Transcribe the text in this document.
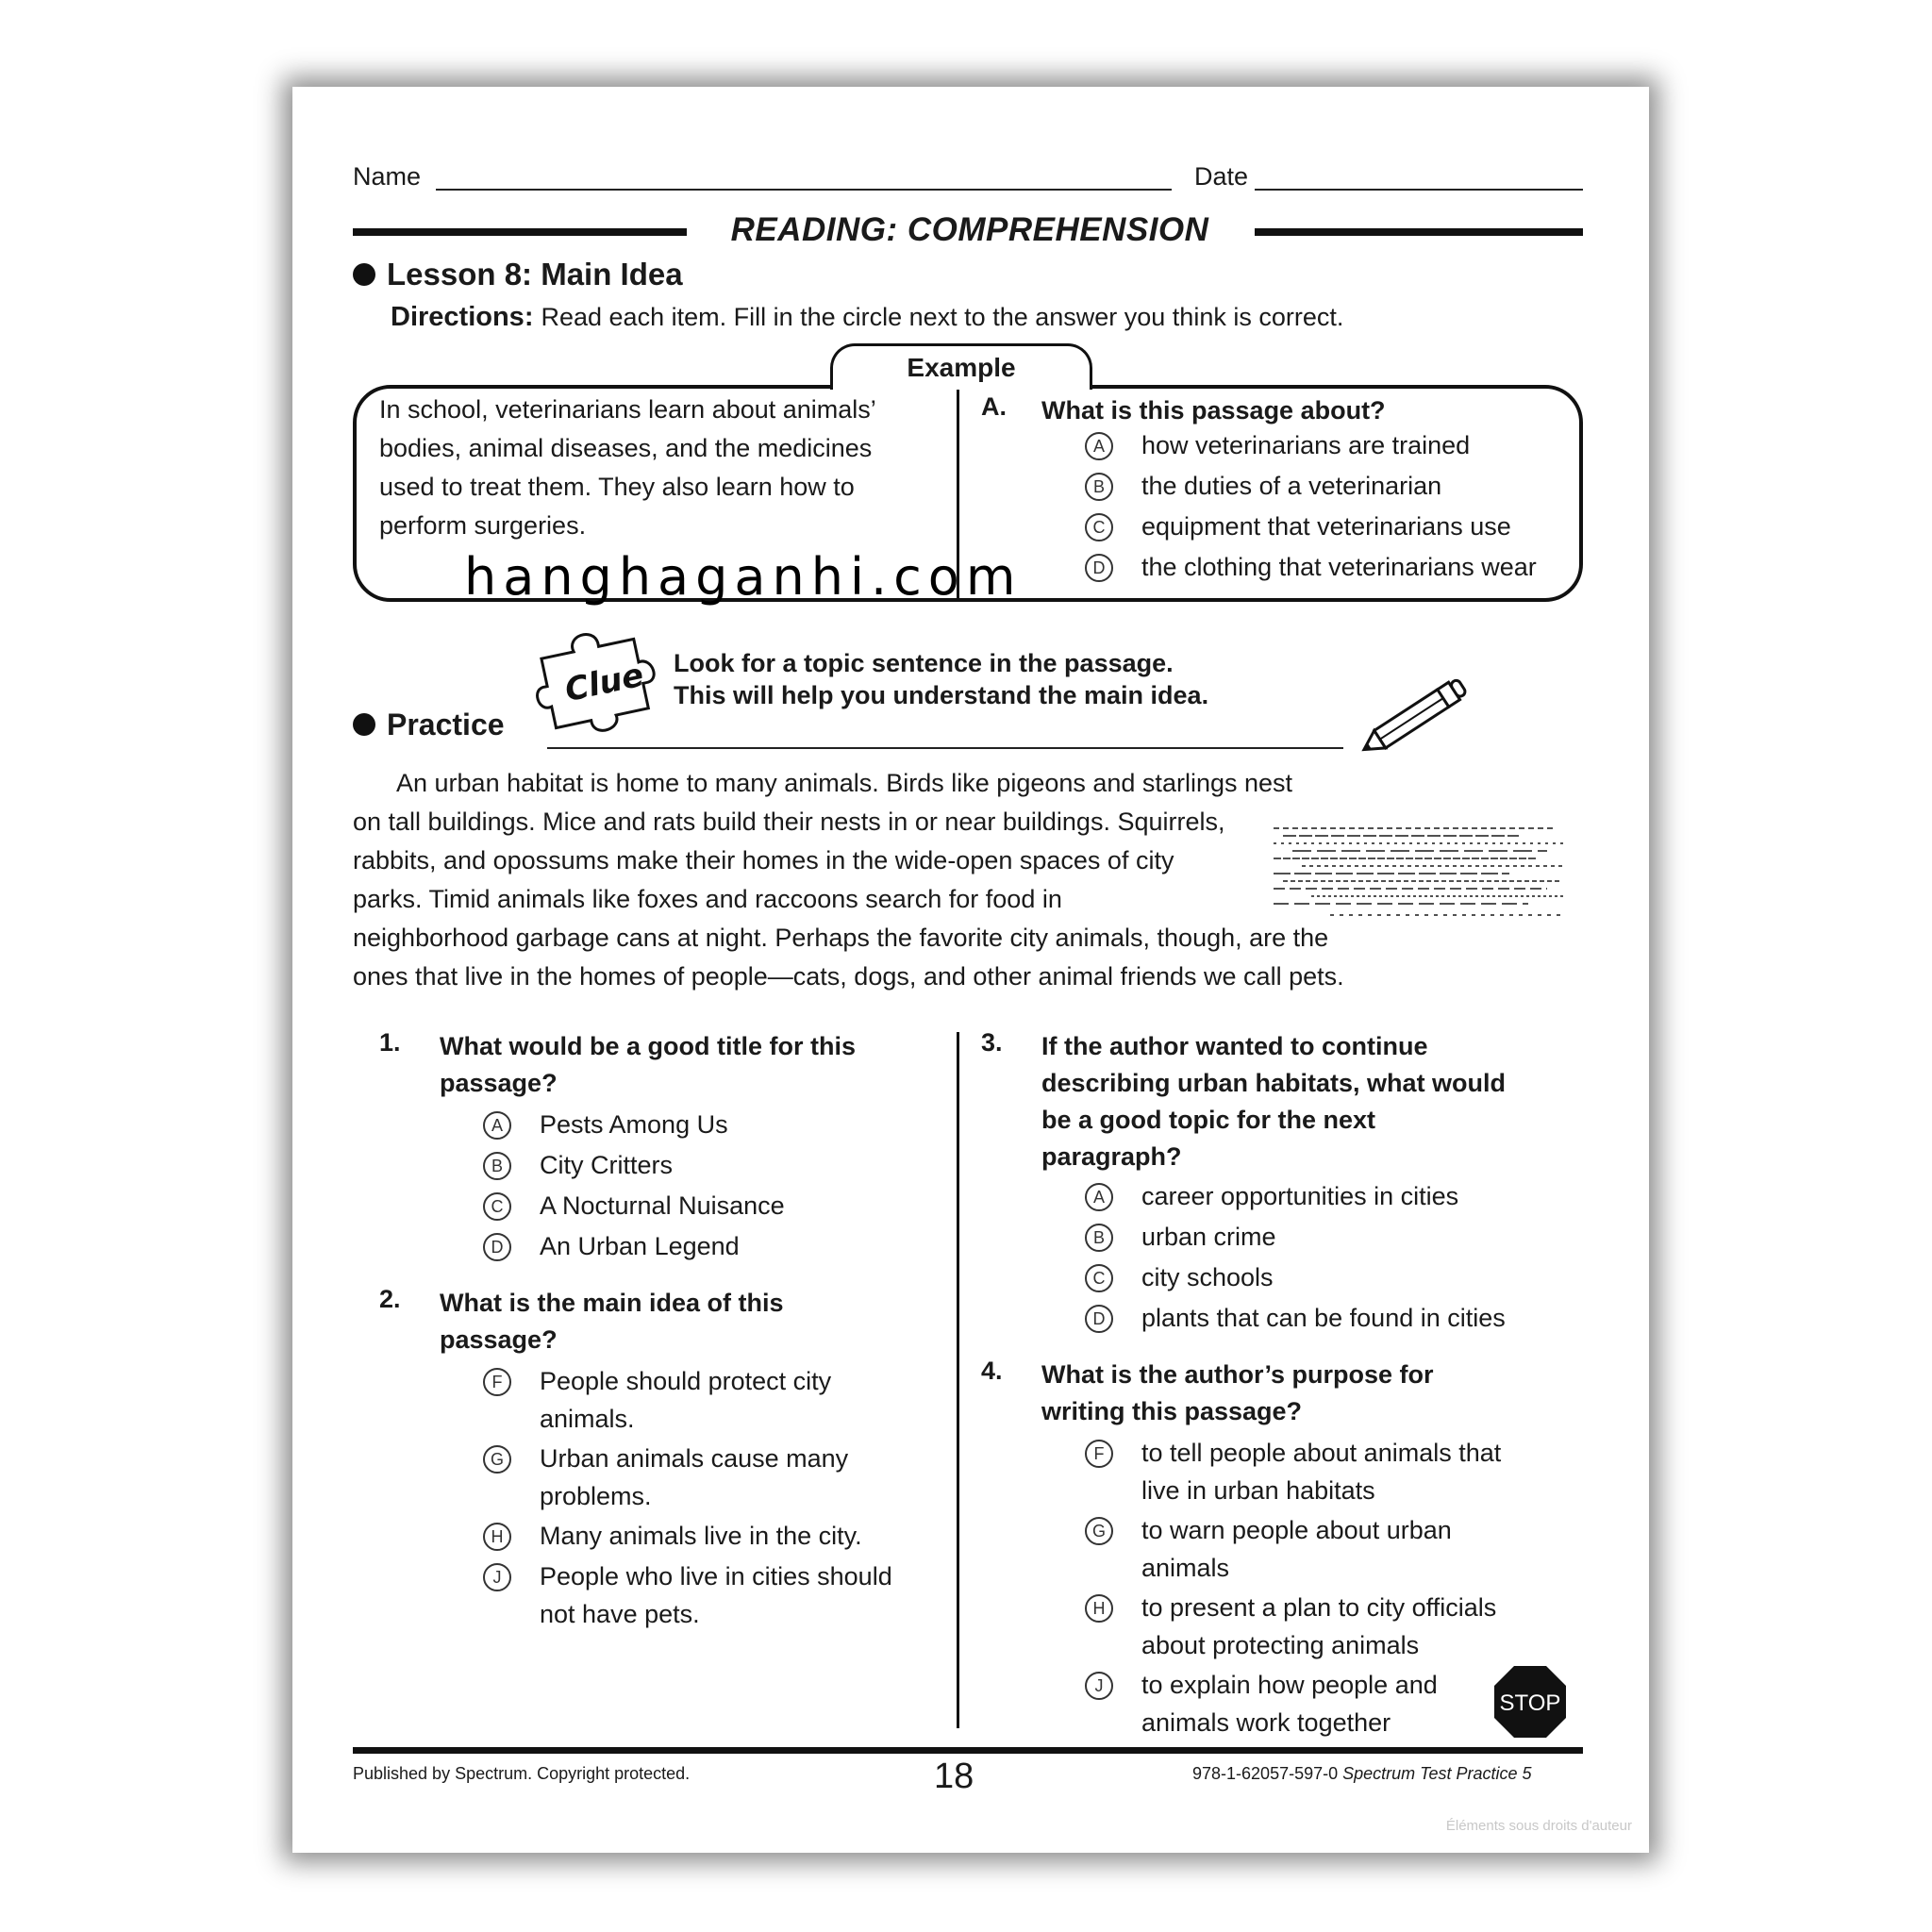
Name	Date
READING: COMPREHENSION
Lesson 8: Main Idea
Directions: Read each item. Fill in the circle next to the answer you think is correct.
Example
In school, veterinarians learn about animals’
bodies, animal diseases, and the medicines
used to treat them. They also learn how to
perform surgeries.
A. What is this passage about?
A	how veterinarians are trained
B	the duties of a veterinarian
C	equipment that veterinarians use
D	the clothing that veterinarians wear
hanghaganhi.com
Clue Look for a topic sentence in the passage.
This will help you understand the main idea.
Practice

An urban habitat is home to many animals. Birds like pigeons and starlings nest

on tall buildings. Mice and rats build their nests in or near buildings. Squirrels,
rabbits, and opossums make their homes in the wide-open spaces of city
parks. Timid animals like foxes and raccoons search for food in
neighborhood garbage cans at night. Perhaps the favorite city animals, though, are the
ones that live in the homes of people—cats, dogs, and other animal friends we call pets.
1. What would be a good title for this
passage?
A	Pests Among Us
B	City Critters
C	A Nocturnal Nuisance
D	An Urban Legend
2. What is the main idea of this
passage?
F	People should protect city
animals.
G Urban animals cause many
problems.
H	Many animals live in the city.
J	People who live in cities should
not have pets.
3. If the author wanted to continue
describing urban habitats, what would
be a good topic for the next
paragraph?
A	career opportunities in cities
B	urban crime
C	city schools
D	plants that can be found in cities
4. What is the author’s purpose for
writing this passage?
F	to tell people about animals that
live in urban habitats
G to warn people about urban
animals
H	to present a plan to city officials
about protecting animals
J	to explain how people and
animals work together
STOP
Published by Spectrum. Copyright protected.	18	978-1-62057-597-0 Spectrum Test Practice 5
Éléments sous droits d'auteur
